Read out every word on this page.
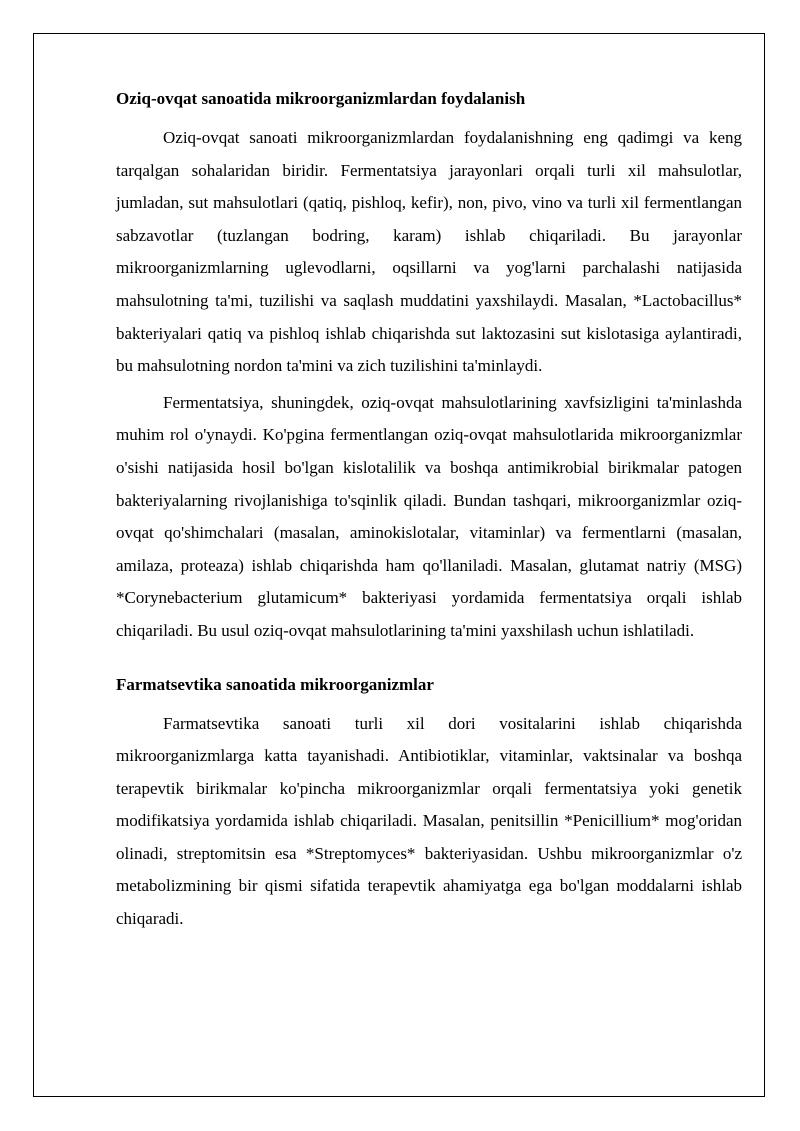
Oziq-ovqat sanoatida mikroorganizmlardan foydalanish

Oziq-ovqat sanoati mikroorganizmlardan foydalanishning eng qadimgi va keng tarqalgan sohalaridan biridir. Fermentatsiya jarayonlari orqali turli xil mahsulotlar, jumladan, sut mahsulotlari (qatiq, pishloq, kefir), non, pivo, vino va turli xil fermentlangan sabzavotlar (tuzlangan bodring, karam) ishlab chiqariladi. Bu jarayonlar mikroorganizmlarning uglevodlarni, oqsillarni va yog'larni parchalashi natijasida mahsulotning ta'mi, tuzilishi va saqlash muddatini yaxshilaydi. Masalan, *Lactobacillus* bakteriyalari qatiq va pishloq ishlab chiqarishda sut laktozasini sut kislotasiga aylantiradi, bu mahsulotning nordon ta'mini va zich tuzilishini ta'minlaydi.

Fermentatsiya, shuningdek, oziq-ovqat mahsulotlarining xavfsizligini ta'minlashda muhim rol o'ynaydi. Ko'pgina fermentlangan oziq-ovqat mahsulotlarida mikroorganizmlar o'sishi natijasida hosil bo'lgan kislotalilik va boshqa antimikrobial birikmalar patogen bakteriyalarning rivojlanishiga to'sqinlik qiladi. Bundan tashqari, mikroorganizmlar oziq-ovqat qo'shimchalari (masalan, aminokislotalar, vitaminlar) va fermentlarni (masalan, amilaza, proteaza) ishlab chiqarishda ham qo'llaniladi. Masalan, glutamat natriy (MSG) *Corynebacterium glutamicum* bakteriyasi yordamida fermentatsiya orqali ishlab chiqariladi. Bu usul oziq-ovqat mahsulotlarining ta'mini yaxshilash uchun ishlatiladi.

Farmatsevtika sanoatida mikroorganizmlar

Farmatsevtika sanoati turli xil dori vositalarini ishlab chiqarishda mikroorganizmlarga katta tayanishadi. Antibiotiklar, vitaminlar, vaktsinalar va boshqa terapevtik birikmalar ko'pincha mikroorganizmlar orqali fermentatsiya yoki genetik modifikatsiya yordamida ishlab chiqariladi. Masalan, penitsillin *Penicillium* mog'oridan olinadi, streptomitsin esa *Streptomyces* bakteriyasidan. Ushbu mikroorganizmlar o'z metabolizmining bir qismi sifatida terapevtik ahamiyatga ega bo'lgan moddalarni ishlab chiqaradi.
